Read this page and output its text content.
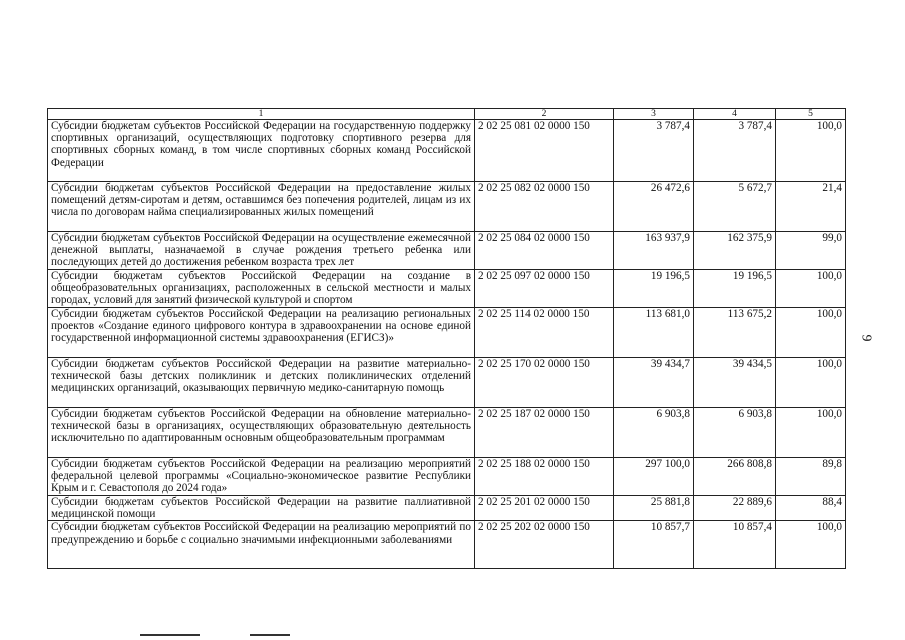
1	2	3	4	5
Субсидии бюджетам субъектов Российской Федерации на государственную поддержку спортивных организаций, осуществляющих подготовку спортивного резерва для спортивных сборных команд, в том числе спортивных сборных команд Российской Федерации	2 02 25 081 02 0000 150	3 787,4	3 787,4	100,0
Субсидии бюджетам субъектов Российской Федерации на предоставление жилых помещений детям-сиротам и детям, оставшимся без попечения родителей, лицам из их числа по договорам найма специализированных жилых помещений	2 02 25 082 02 0000 150	26 472,6	5 672,7	21,4
Субсидии бюджетам субъектов Российской Федерации на осуществление ежемесячной денежной выплаты, назначаемой в случае рождения третьего ребенка или последующих детей до достижения ребенком возраста трех лет	2 02 25 084 02 0000 150	163 937,9	162 375,9	99,0
Субсидии бюджетам субъектов Российской Федерации на создание в общеобразовательных организациях, расположенных в сельской местности и малых городах, условий для занятий физической культурой и спортом	2 02 25 097 02 0000 150	19 196,5	19 196,5	100,0
Субсидии бюджетам субъектов Российской Федерации на реализацию региональных проектов «Создание единого цифрового контура в здравоохранении на основе единой государственной информационной системы здравоохранения (ЕГИСЗ)»	2 02 25 114 02 0000 150	113 681,0	113 675,2	100,0
Субсидии бюджетам субъектов Российской Федерации на развитие материально-технической базы детских поликлиник и детских поликлинических отделений медицинских организаций, оказывающих первичную медико-санитарную помощь	2 02 25 170 02 0000 150	39 434,7	39 434,5	100,0
Субсидии бюджетам субъектов Российской Федерации на обновление материально-технической базы в организациях, осуществляющих образовательную деятельность исключительно по адаптированным основным общеобразовательным программам	2 02 25 187 02 0000 150	6 903,8	6 903,8	100,0
Субсидии бюджетам субъектов Российской Федерации на реализацию мероприятий федеральной целевой программы «Социально-экономическое развитие Республики Крым и г. Севастополя до 2024 года»	2 02 25 188 02 0000 150	297 100,0	266 808,8	89,8
Субсидии бюджетам субъектов Российской Федерации на развитие паллиативной медицинской помощи	2 02 25 201 02 0000 150	25 881,8	22 889,6	88,4
Субсидии бюджетам субъектов Российской Федерации на реализацию мероприятий по предупреждению и борьбе с социально значимыми инфекционными заболеваниями	2 02 25 202 02 0000 150	10 857,7	10 857,4	100,0
9
